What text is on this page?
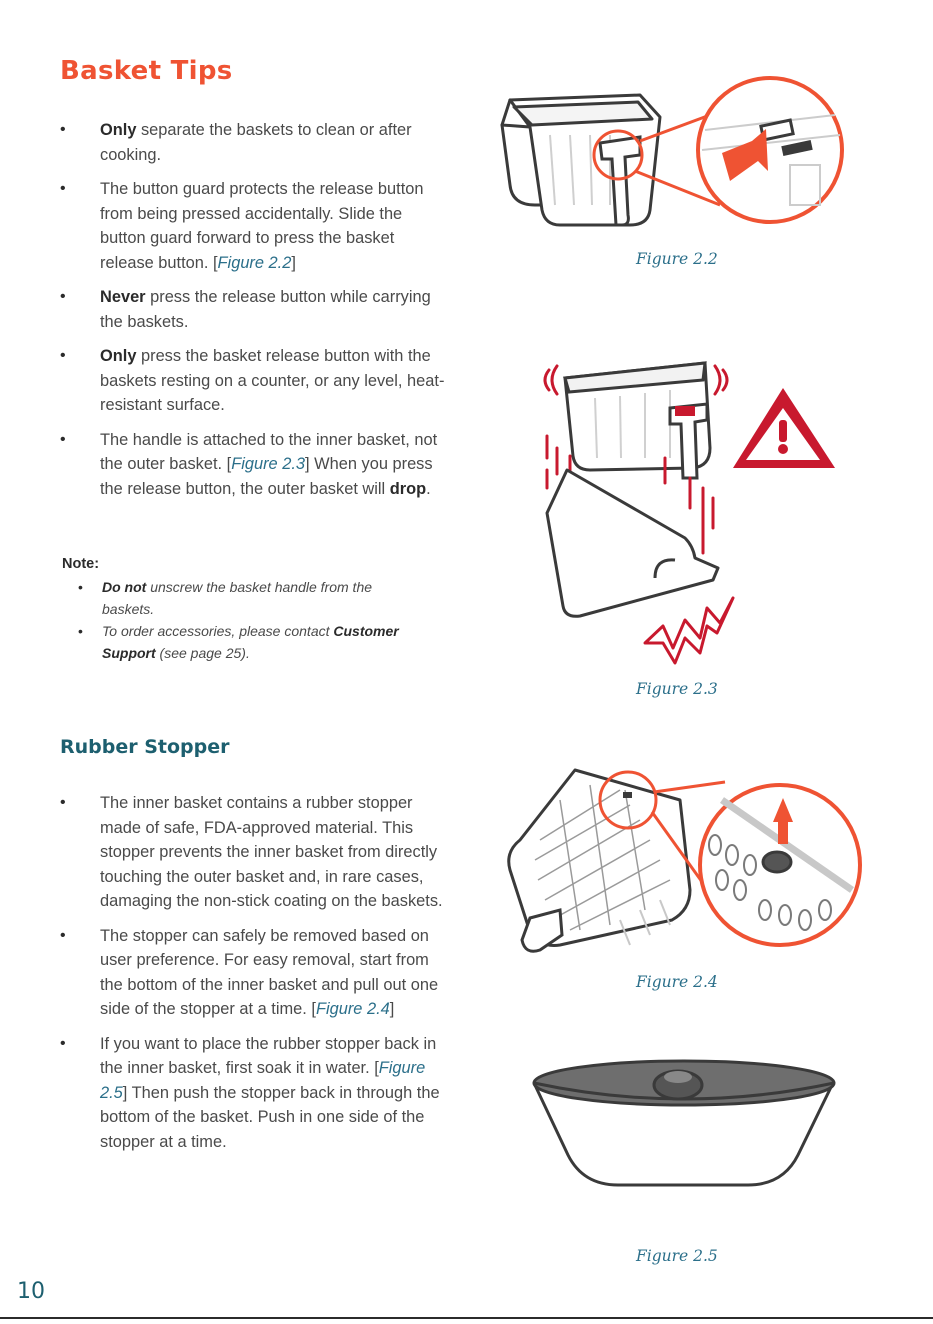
Basket Tips
• Only separate the baskets to clean or after cooking.
• The button guard protects the release button from being pressed accidentally. Slide the button guard forward to press the basket release button. [Figure 2.2]
• Never press the release button while carrying the baskets.
• Only press the basket release button with the baskets resting on a counter, or any level, heat-resistant surface.
• The handle is attached to the inner basket, not the outer basket. [Figure 2.3] When you press the release button, the outer basket will drop.

Note:

• Do not unscrew the basket handle from the baskets.
• To order accessories, please contact Customer Support (see page 25).
Rubber Stopper
• The inner basket contains a rubber stopper made of safe, FDA-approved material. This stopper prevents the inner basket from directly touching the outer basket and, in rare cases, damaging the non-stick coating on the baskets.
• The stopper can safely be removed based on user preference. For easy removal, start from the bottom of the inner basket and pull out one side of the stopper at a time. [Figure 2.4]
• If you want to place the rubber stopper back in the inner basket, first soak it in water. [Figure 2.5] Then push the stopper back in through the bottom of the basket. Push in one side of the stopper at a time.

Figure 2.2

Figure 2.3

Figure 2.4

Figure 2.5

10
